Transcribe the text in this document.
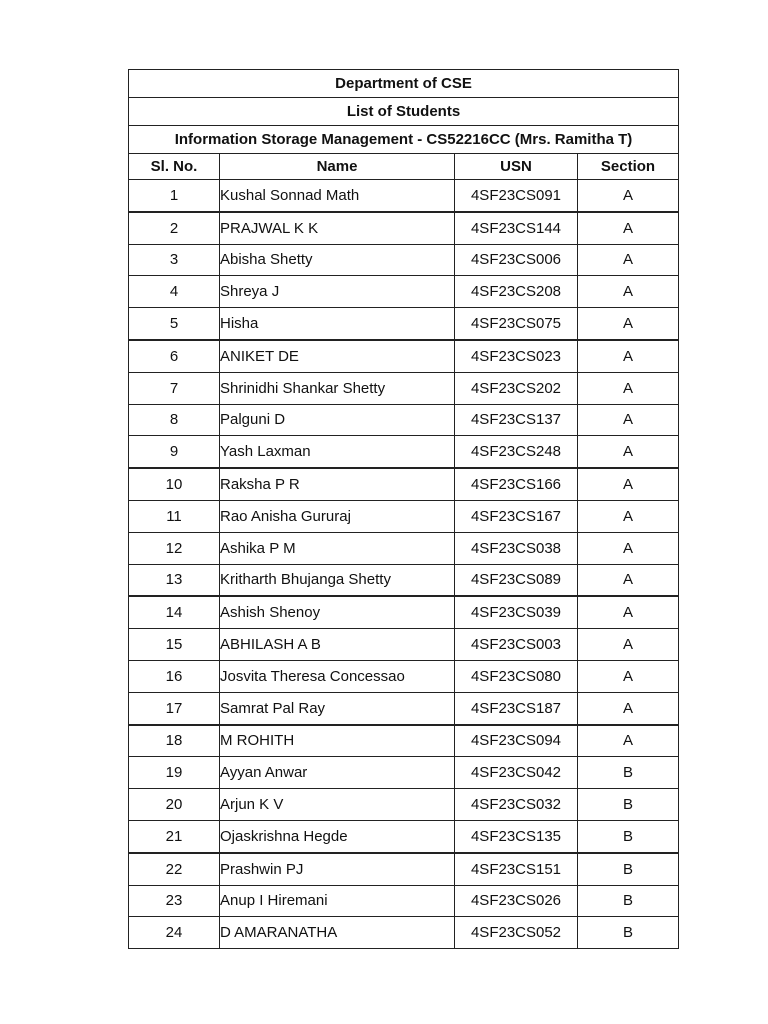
Department of CSE			
List of Students			
Information Storage Management - CS52216CC (Mrs. Ramitha T)			
Sl. No.	Name	USN	Section
1	Kushal Sonnad Math	4SF23CS091	A
2	PRAJWAL K K	4SF23CS144	A
3	Abisha Shetty	4SF23CS006	A
4	Shreya J	4SF23CS208	A
5	Hisha	4SF23CS075	A
6	ANIKET DE	4SF23CS023	A
7	Shrinidhi Shankar Shetty	4SF23CS202	A
8	Palguni D	4SF23CS137	A
9	Yash Laxman	4SF23CS248	A
10	Raksha P R	4SF23CS166	A
11	Rao Anisha Gururaj	4SF23CS167	A
12	Ashika P M	4SF23CS038	A
13	Kritharth Bhujanga Shetty	4SF23CS089	A
14	Ashish Shenoy	4SF23CS039	A
15	ABHILASH A B	4SF23CS003	A
16	Josvita Theresa Concessao	4SF23CS080	A
17	Samrat Pal Ray	4SF23CS187	A
18	M ROHITH	4SF23CS094	A
19	Ayyan Anwar	4SF23CS042	B
20	Arjun K V	4SF23CS032	B
21	Ojaskrishna Hegde	4SF23CS135	B
22	Prashwin PJ	4SF23CS151	B
23	Anup I Hiremani	4SF23CS026	B
24	D AMARANATHA	4SF23CS052	B
